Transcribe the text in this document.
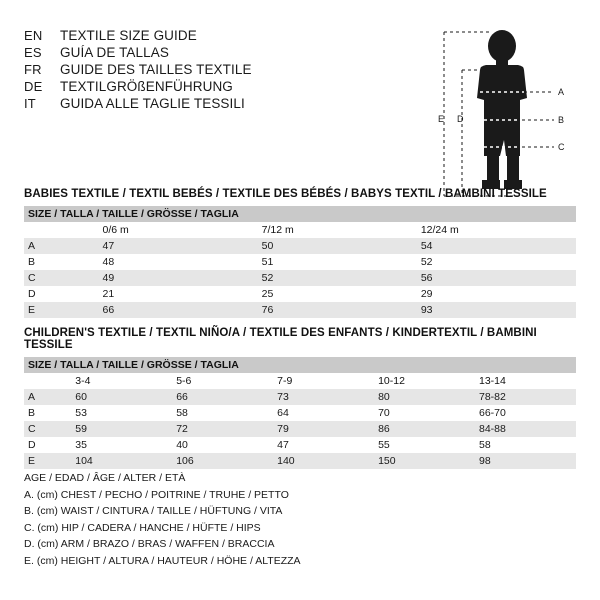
EN	TEXTILE SIZE GUIDE
ES	GUÍA DE TALLAS
FR	GUIDE DES TAILLES TEXTILE
DE	TEXTILGRÖßENFÜHRUNG
IT	GUIDA ALLE TAGLIE TESSILI
A
B
C
D
E
BABIES TEXTILE / TEXTIL BEBÉS / TEXTILE DES BÉBÉS / BABYS TEXTIL / BAMBINI TESSILE
SIZE / TALLA / TAILLE / GRÖSSE / TAGLIA			
	0/6 m	7/12 m	12/24 m
A	47	50	54
B	48	51	52
C	49	52	56
D	21	25	29
E	66	76	93
CHILDREN'S TEXTILE / TEXTIL NIÑO/A / TEXTILE DES ENFANTS / KINDERTEXTIL / BAMBINI TESSILE
SIZE / TALLA / TAILLE / GRÖSSE / TAGLIA					
	3-4	5-6	7-9	10-12	13-14
A	60	66	73	80	78-82
B	53	58	64	70	66-70
C	59	72	79	86	84-88
D	35	40	47	55	58
E	104	106	140	150	98
AGE / EDAD / ÂGE / ALTER / ETÀ
A. (cm) CHEST / PECHO / POITRINE / TRUHE / PETTO
B. (cm) WAIST / CINTURA / TAILLE / HÜFTUNG / VITA
C. (cm) HIP / CADERA / HANCHE / HÜFTE / HIPS
D. (cm) ARM / BRAZO / BRAS / WAFFEN / BRACCIA
E. (cm) HEIGHT / ALTURA / HAUTEUR / HÖHE / ALTEZZA
